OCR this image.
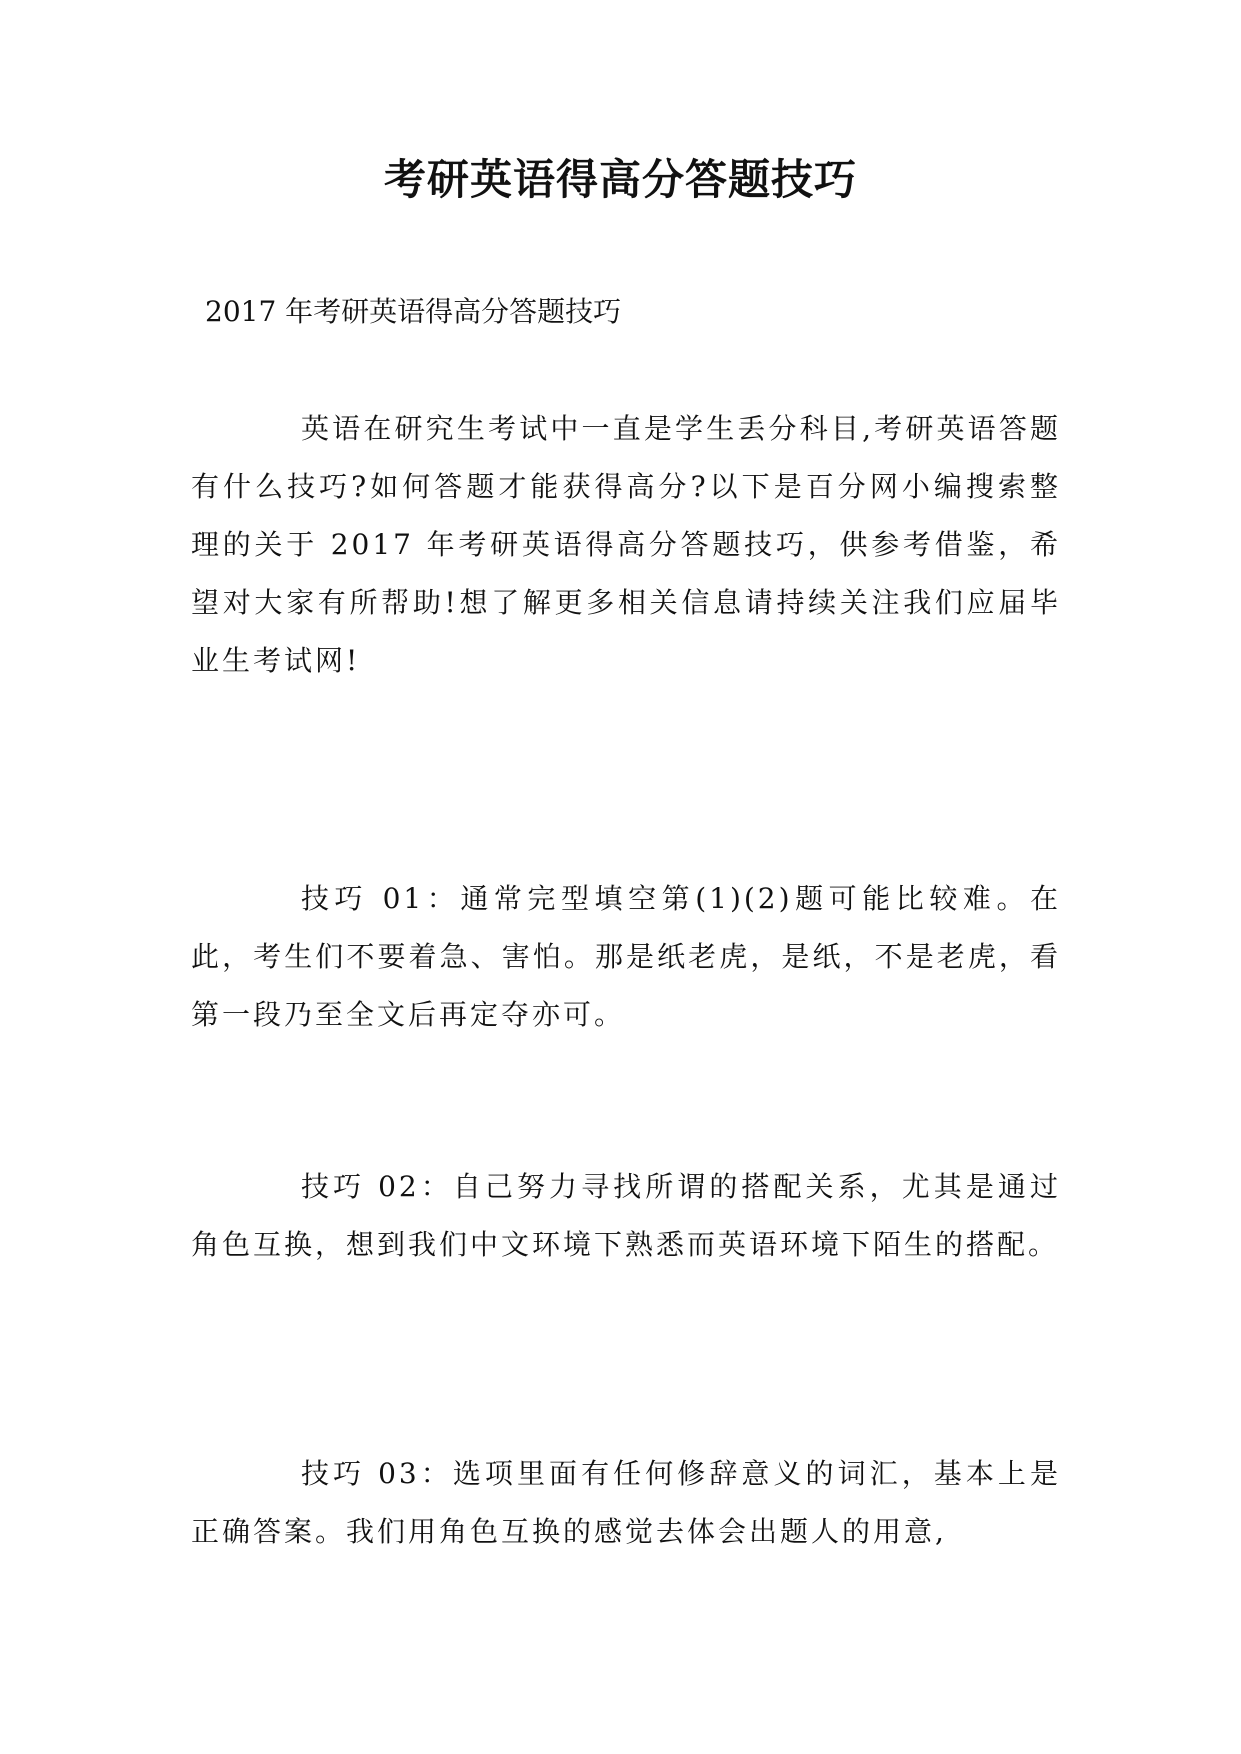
考研英语得高分答题技巧

2017 年考研英语得高分答题技巧

英语在研究生考试中一直是学生丢分科目,考研英语答题有什么技巧?如何答题才能获得高分?以下是百分网小编搜索整理的关于 2017 年考研英语得高分答题技巧，供参考借鉴，希望对大家有所帮助!想了解更多相关信息请持续关注我们应届毕业生考试网!

技巧 01：通常完型填空第(1)(2)题可能比较难。在此，考生们不要着急、害怕。那是纸老虎，是纸，不是老虎，看第一段乃至全文后再定夺亦可。

技巧 02：自己努力寻找所谓的搭配关系，尤其是通过角色互换，想到我们中文环境下熟悉而英语环境下陌生的搭配。

技巧 03：选项里面有任何修辞意义的词汇，基本上是正确答案。我们用角色互换的感觉去体会出题人的用意,
